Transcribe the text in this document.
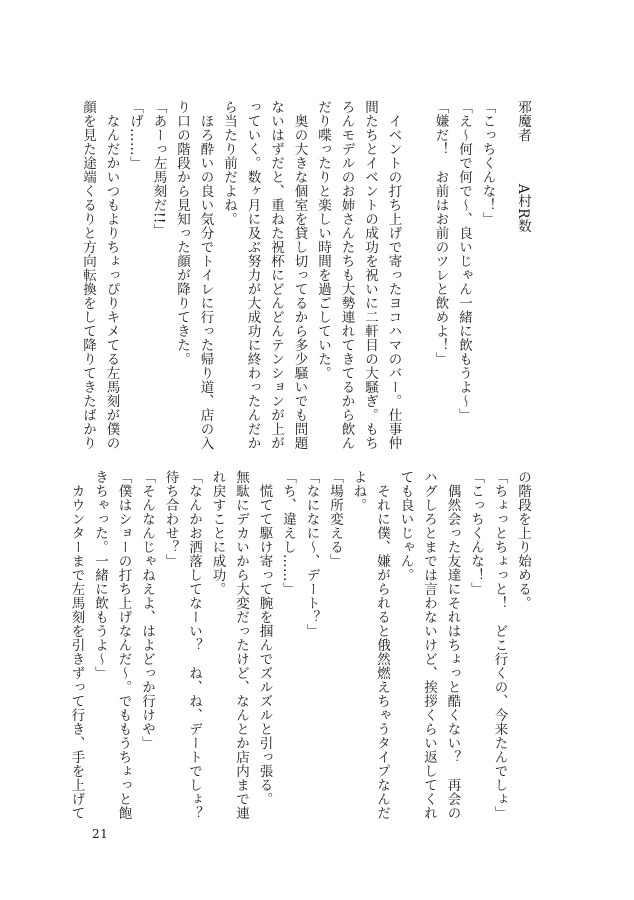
邪魔者　　　A村R数
「こっちくんな！」
「え～何で何で～、良いじゃん一緒に飲もうよ～」
「嫌だ！　お前はお前のツレと飲めよ！」

　イベントの打ち上げで寄ったヨコハマのバー。仕事仲
間たちとイベントの成功を祝いに二軒目の大騒ぎ。もち
ろんモデルのお姉さんたちも大勢連れてきてるから飲ん
だり喋ったりと楽しい時間を過ごしていた。
　奥の大きな個室を貸し切ってるから多少騒いでも問題
ないはずだと、重ねた祝杯にどんどんテンションが上が
っていく。数ヶ月に及ぶ努力が大成功に終わったんだか
ら当たり前だよね。
　ほろ酔いの良い気分でトイレに行った帰り道、店の入
り口の階段から見知った顔が降りてきた。
「あーっ左馬刻だ!!」
「げ……」
　なんだかいつもよりちょっぴりキメてる左馬刻が僕の
顔を見た途端くるりと方向転換をして降りてきたばかり
の階段を上り始める。
「ちょっとちょっと！　どこ行くの、今来たんでしょ」
「こっちくんな！」
　偶然会った友達にそれはちょっと酷くない？　再会の
ハグしろとまでは言わないけど、挨拶くらい返してくれ
ても良いじゃん。
　それに僕、嫌がられると俄然燃えちゃうタイプなんだ
よね。
「場所変える」
「なになに～、デート？」
「ち、違えし……」
　慌てて駆け寄って腕を掴んでズルズルと引っ張る。
無駄にデカいから大変だったけど、なんとか店内まで連
れ戻すことに成功。
「なんかお洒落してなーい？　ね、ね、デートでしょ？
待ち合わせ？」
「そんなんじゃねえよ、はよどっか行けや」
「僕はショーの打ち上げなんだ～。でももうちょっと飽
きちゃった。一緒に飲もうよ～」
　カウンターまで左馬刻を引きずって行き、手を上げて
21
